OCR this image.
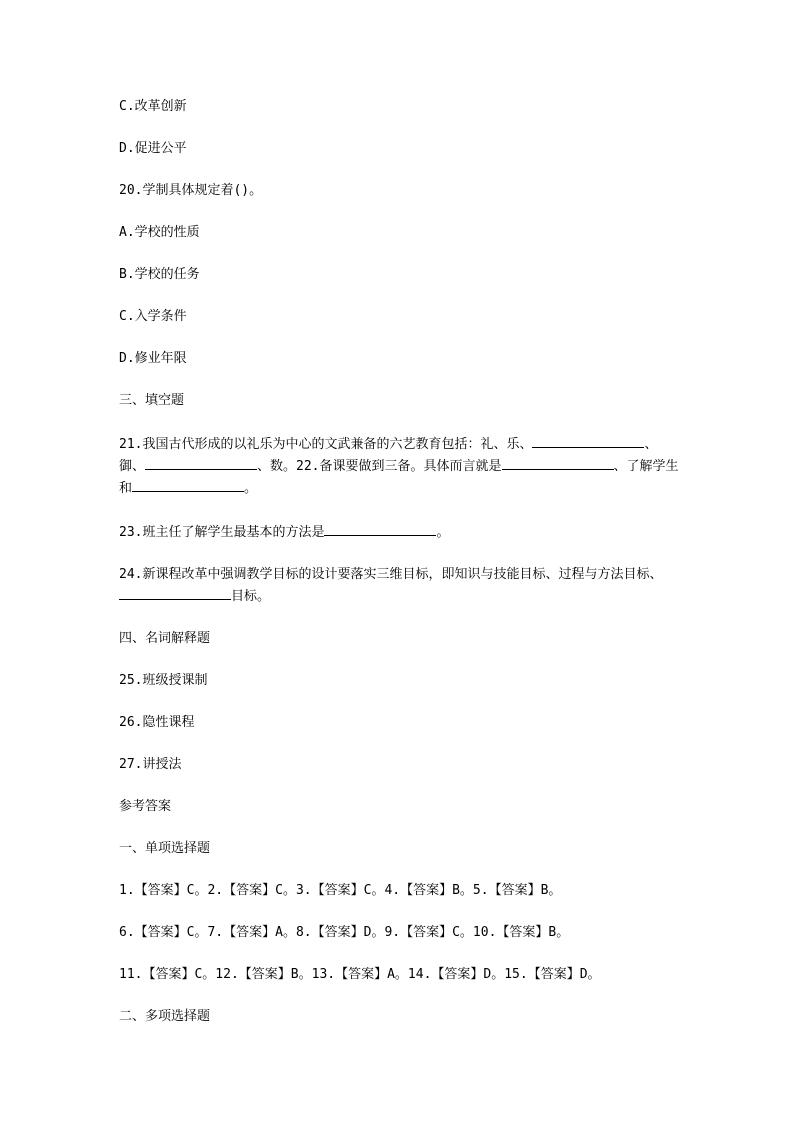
C.改革创新

D.促进公平

20.学制具体规定着()。

A.学校的性质

B.学校的任务

C.入学条件

D.修业年限

三、填空题

21.我国古代形成的以礼乐为中心的文武兼备的六艺教育包括：礼、乐、	、御、	、数。22.备课要做到三备。具体而言就是	、了解学生和	。

23.班主任了解学生最基本的方法是	。

24.新课程改革中强调教学目标的设计要落实三维目标，即知识与技能目标、过程与方法目标、目标。

四、名词解释题

25.班级授课制

26.隐性课程

27.讲授法

参考答案

一、单项选择题

1.【答案】C。2.【答案】C。3.【答案】C。4.【答案】B。5.【答案】B。

6.【答案】C。7.【答案】A。8.【答案】D。9.【答案】C。10.【答案】B。

11.【答案】C。12.【答案】B。13.【答案】A。14.【答案】D。15.【答案】D。

二、多项选择题
